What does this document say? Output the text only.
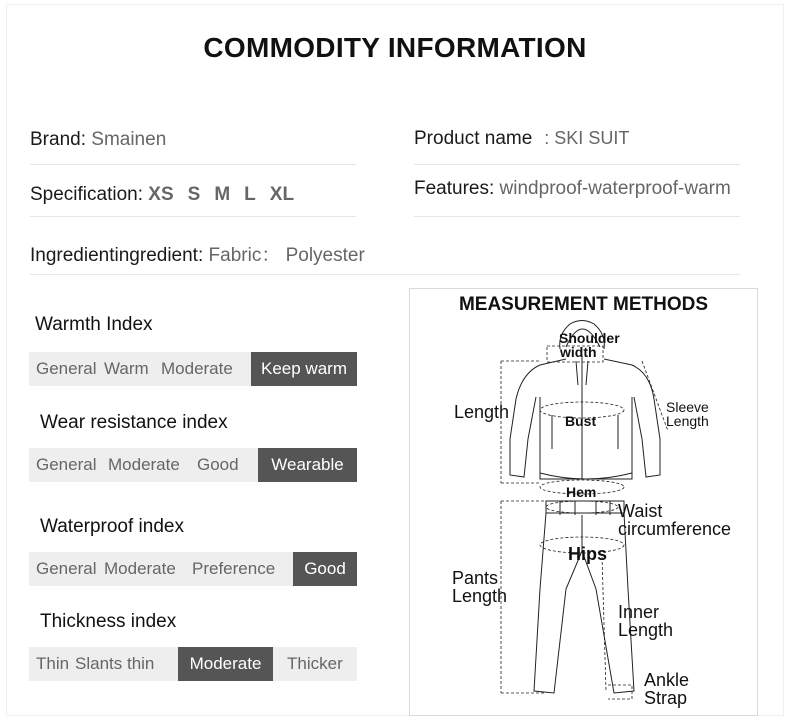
COMMODITY INFORMATION
Brand: Smainen	Product name : SKI SUIT
Specification: XS S M L XL	Features: windproof-waterproof-warm
Ingredientingredient: Fabric： Polyester
Warmth Index
General Warm Moderate	Keep warm
Wear resistance index
General Moderate	Good	Wearable
Waterproof index
General Moderate Preference	Good
Thickness index
Thin Slants thin	Moderate	Thicker
MEASUREMENT METHODS
Shoulder
width
Length	Sleeve
Length
Bust
Hem
Waist
circumference
Hips
Pants
Length
Inner
Length
Ankle
Strap
